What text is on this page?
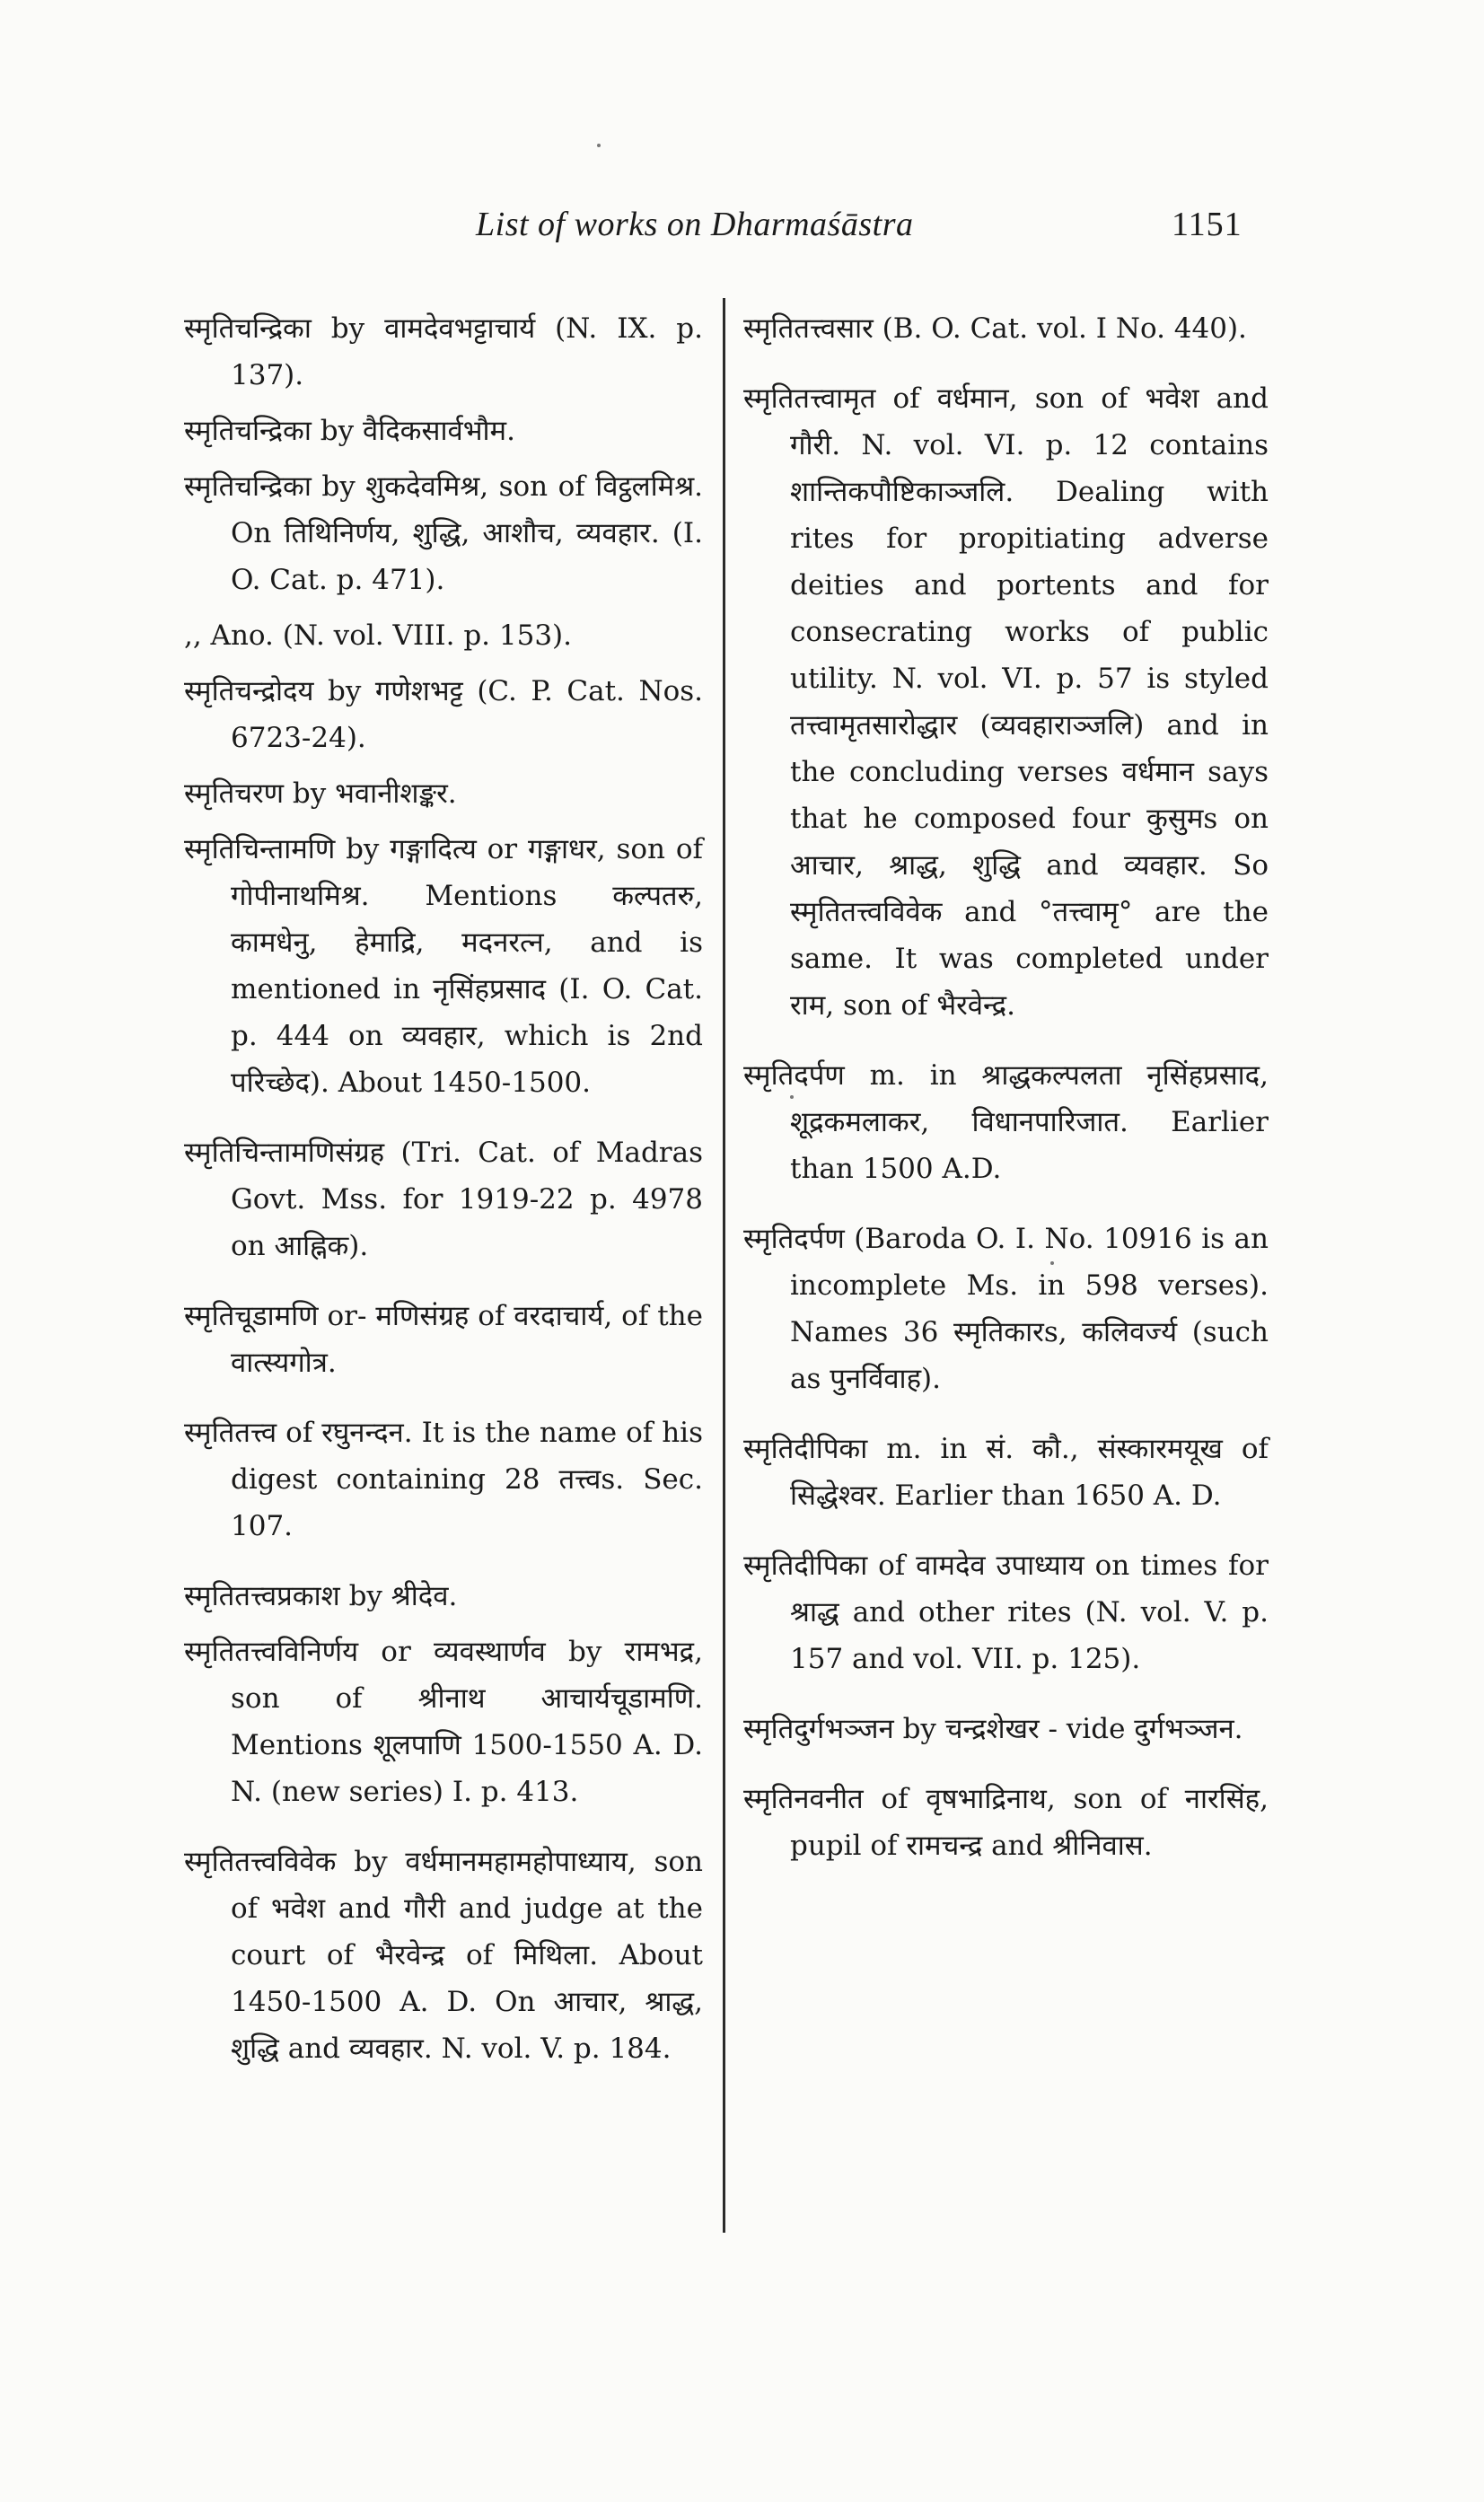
List of works on Dharmaśāstra	1151

स्मृतिचन्द्रिका by वामदेवभट्टाचार्य (N. IX. p. 137).

स्मृतिचन्द्रिका by वैदिकसार्वभौम.

स्मृतिचन्द्रिका by शुकदेवमिश्र, son of विट्ठलमिश्र. On तिथिनिर्णय, शुद्धि, आशौच, व्यवहार. (I. O. Cat. p. 471).

,, Ano. (N. vol. VIII. p. 153).

स्मृतिचन्द्रोदय by गणेशभट्ट (C. P. Cat. Nos. 6723-24).

स्मृतिचरण by भवानीशङ्कर.

स्मृतिचिन्तामणि by गङ्गादित्य or गङ्गाधर, son of गोपीनाथमिश्र. Mentions कल्पतरु, कामधेनु, हेमाद्रि, मदनरत्न, and is mentioned in नृसिंहप्रसाद (I. O. Cat. p. 444 on व्यवहार, which is 2nd परिच्छेद). About 1450-1500.

स्मृतिचिन्तामणिसंग्रह (Tri. Cat. of Madras Govt. Mss. for 1919-22 p. 4978 on आह्निक).

स्मृतिचूडामणि or- मणिसंग्रह of वरदाचार्य, of the वात्स्यगोत्र.

स्मृतितत्त्व of रघुनन्दन. It is the name of his digest containing 28 तत्त्वs. Sec. 107.

स्मृतितत्त्वप्रकाश by श्रीदेव.

स्मृतितत्त्वविनिर्णय or व्यवस्थार्णव by रामभद्र, son of श्रीनाथ आचार्यचूडामणि. Mentions शूलपाणि 1500-1550 A. D. N. (new series) I. p. 413.

स्मृतितत्त्वविवेक by वर्धमानमहामहोपाध्याय, son of भवेश and गौरी and judge at the court of भैरवेन्द्र of मिथिला. About 1450-1500 A. D. On आचार, श्राद्ध, शुद्धि and व्यवहार. N. vol. V. p. 184.

स्मृतितत्त्वसार (B. O. Cat. vol. I No. 440).

स्मृतितत्त्वामृत of वर्धमान, son of भवेश and गौरी. N. vol. VI. p. 12 contains शान्तिकपौष्टिकाञ्जलि. Dealing with rites for propitiating adverse deities and portents and for consecrating works of public utility. N. vol. VI. p. 57 is styled तत्त्वामृतसारोद्धार (व्यवहाराञ्जलि) and in the concluding verses वर्धमान says that he composed four कुसुमs on आचार, श्राद्ध, शुद्धि and व्यवहार. So स्मृतितत्त्वविवेक and °तत्त्वामृ° are the same. It was completed under राम, son of भैरवेन्द्र.

स्मृतिदर्पण m. in श्राद्धकल्पलता नृसिंहप्रसाद, शूद्रकमलाकर, विधानपारिजात. Earlier than 1500 A.D.

स्मृतिदर्पण (Baroda O. I. No. 10916 is an incomplete Ms. in 598 verses). Names 36 स्मृतिकारs, कलिवर्ज्य (such as पुनर्विवाह).

स्मृतिदीपिका m. in सं. कौ., संस्कारमयूख of सिद्धेश्वर. Earlier than 1650 A. D.

स्मृतिदीपिका of वामदेव उपाध्याय on times for श्राद्ध and other rites (N. vol. V. p. 157 and vol. VII. p. 125).

स्मृतिदुर्गभञ्जन by चन्द्रशेखर - vide दुर्गभञ्जन.

स्मृतिनवनीत of वृषभाद्रिनाथ, son of नारसिंह, pupil of रामचन्द्र and श्रीनिवास.
